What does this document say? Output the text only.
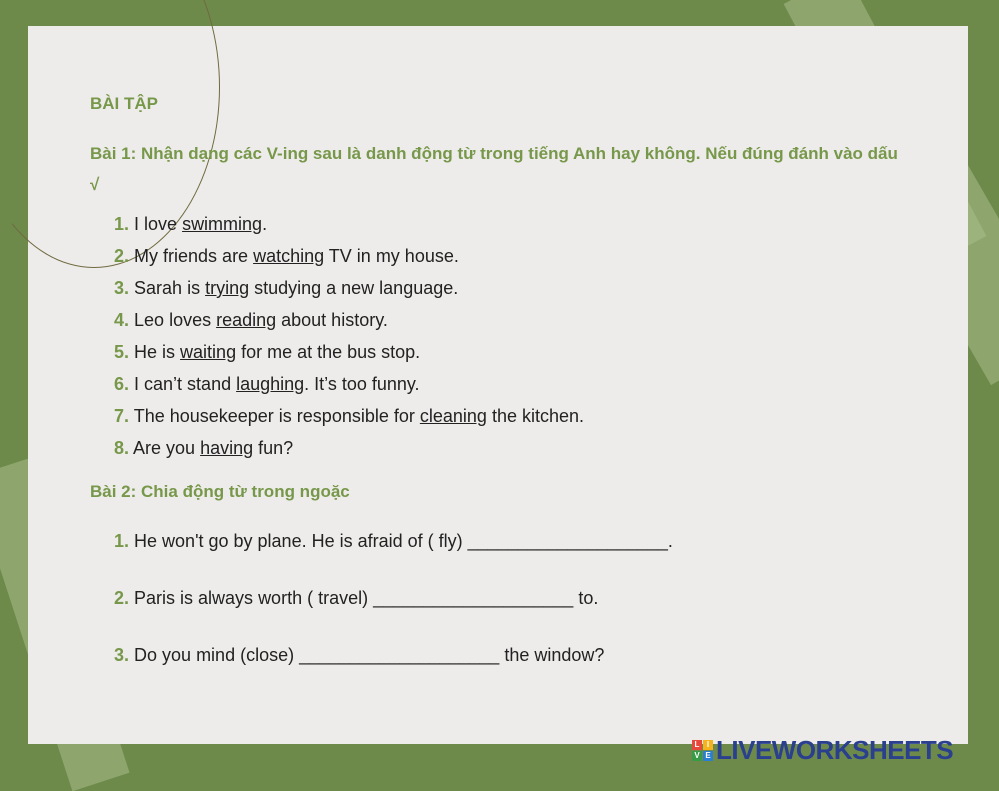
BÀI TẬP
Bài 1: Nhận dạng các V-ing sau là danh động từ trong tiếng Anh hay không. Nếu đúng đánh vào dấu √
1. I love swimming.
2. My friends are watching TV in my house.
3. Sarah is trying studying a new language.
4. Leo loves reading about history.
5. He is waiting for me at the bus stop.
6. I can’t stand laughing. It’s too funny.
7. The housekeeper is responsible for cleaning the kitchen.
8. Are you having fun?
Bài 2: Chia động từ trong ngoặc
1. He won't go by plane. He is afraid of ( fly) ____________________.
2. Paris is always worth ( travel) ____________________ to.
3. Do you mind (close) ____________________ the window?
L I
V E LIVEWORKSHEETS
